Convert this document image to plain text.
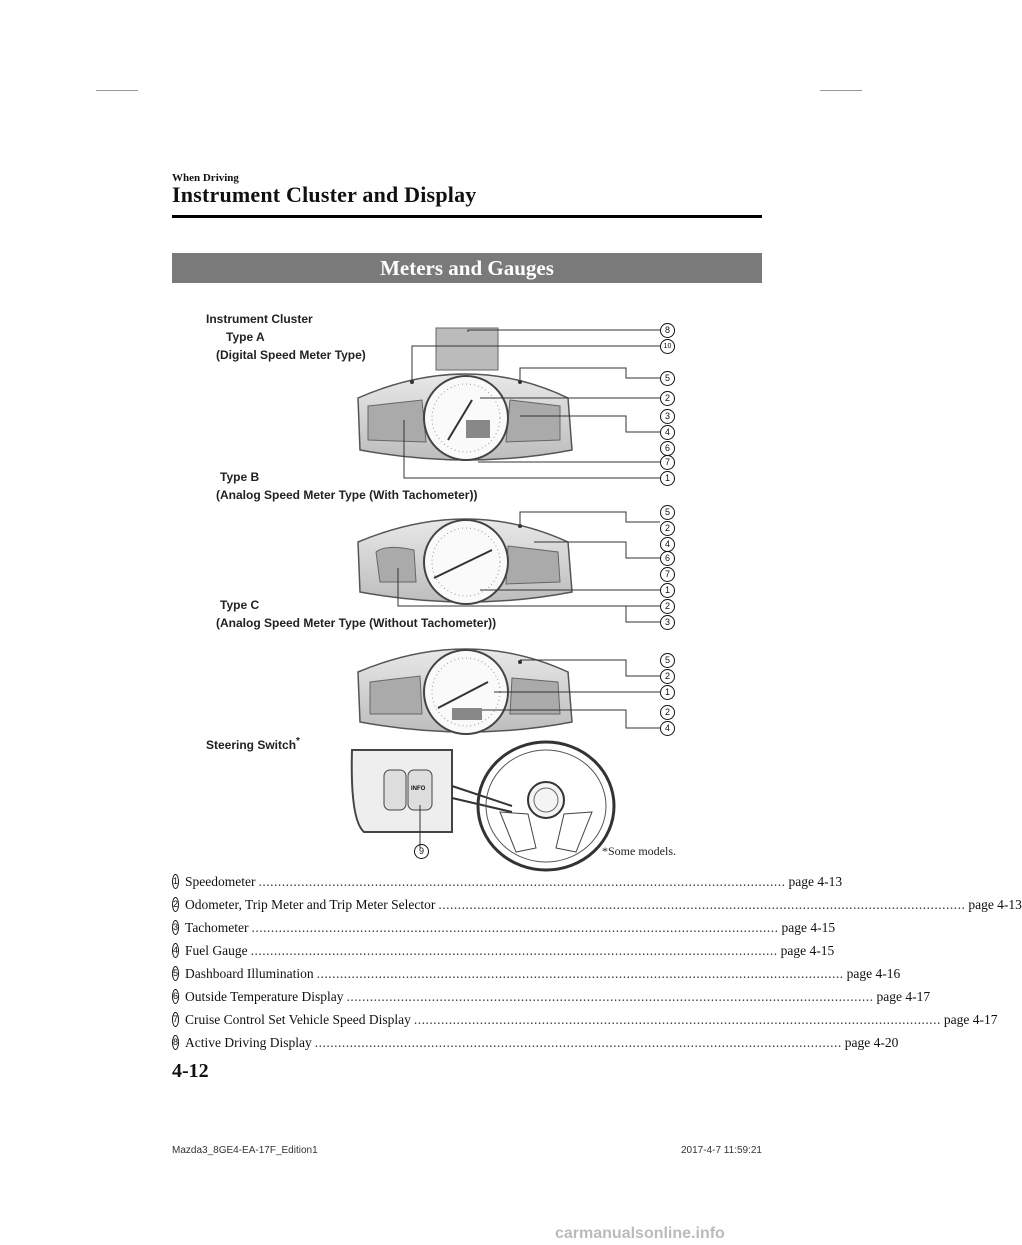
When Driving
Instrument Cluster and Display
Meters and Gauges
Instrument Cluster
Type A
(Digital Speed Meter Type)
Type B
(Analog Speed Meter Type (With Tachometer))
Type C
(Analog Speed Meter Type (Without Tachometer))
Steering Switch*
*Some models.
8
10
5
2
3
4
6
7
1
5
2
4
6
7
1
2
3
5
2
1
2
4
9
INFO
1 Speedometer ........................................................................................................................................ page 4-13
2 Odometer, Trip Meter and Trip Meter Selector ........................................................................................................................................ page 4-13
3 Tachometer ........................................................................................................................................ page 4-15
4 Fuel Gauge ........................................................................................................................................ page 4-15
5 Dashboard Illumination ........................................................................................................................................ page 4-16
6 Outside Temperature Display ........................................................................................................................................ page 4-17
7 Cruise Control Set Vehicle Speed Display ........................................................................................................................................ page 4-17
8 Active Driving Display ........................................................................................................................................ page 4-20
4-12
Mazda3_8GE4-EA-17F_Edition1	2017-4-7 11:59:21
carmanualsonline.info
